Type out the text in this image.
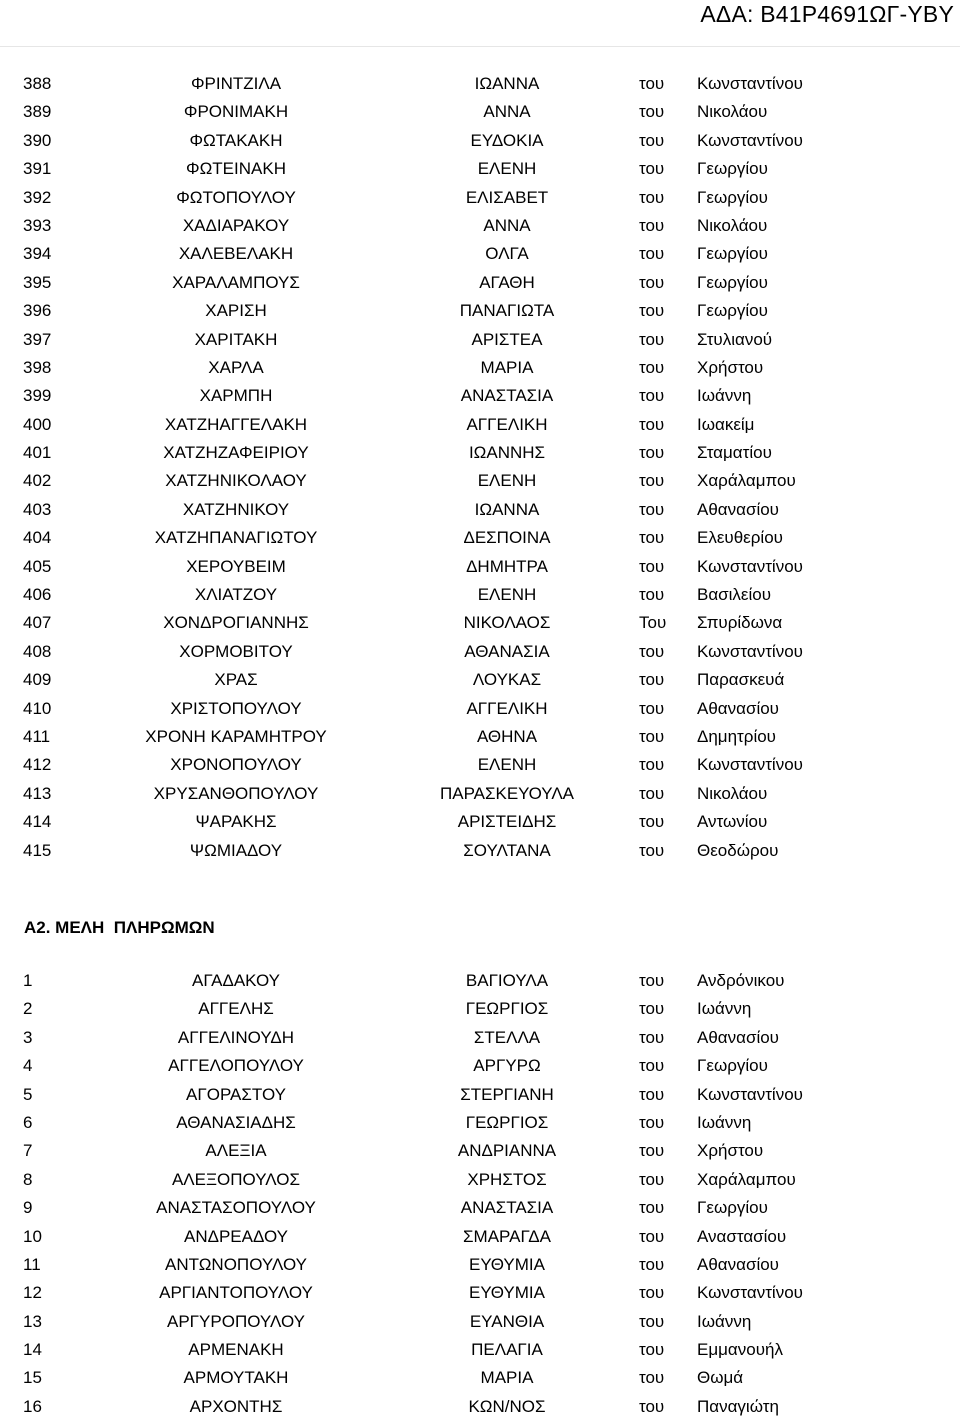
ΑΔΑ: Β41Ρ4691ΩΓ-ΥΒΥ
388	ΦΡΙΝΤΖΙΛΑ	ΙΩΑΝΝΑ	του Κωνσταντίνου
389	ΦΡΟΝΙΜΑΚΗ	ΑΝΝΑ	του Νικολάου
390	ΦΩΤΑΚΑΚΗ	ΕΥΔΟΚΙΑ	του Κωνσταντίνου
391	ΦΩΤΕΙΝΑΚΗ	ΕΛΕΝΗ	του Γεωργίου
392	ΦΩΤΟΠΟΥΛΟΥ	ΕΛΙΣΑΒΕΤ	του Γεωργίου
393	ΧΑΔΙΑΡΑΚΟΥ	ΑΝΝΑ	του Νικολάου
394	ΧΑΛΕΒΕΛΑΚΗ	ΟΛΓΑ	του Γεωργίου
395	ΧΑΡΑΛΑΜΠΟΥΣ	ΑΓΑΘΗ	του Γεωργίου
396	ΧΑΡΙΣΗ	ΠΑΝΑΓΙΩΤΑ	του Γεωργίου
397	ΧΑΡΙΤΑΚΗ	ΑΡΙΣΤΕΑ	του Στυλιανού
398	ΧΑΡΛΑ	ΜΑΡΙΑ	του Χρήστου
399	ΧΑΡΜΠΗ	ΑΝΑΣΤΑΣΙΑ	του Ιωάννη
400	ΧΑΤΖΗΑΓΓΕΛΑΚΗ	ΑΓΓΕΛΙΚΗ	του Ιωακείμ
401	ΧΑΤΖΗΖΑΦΕΙΡΙΟΥ	ΙΩΑΝΝΗΣ	του Σταματίου
402	ΧΑΤΖΗΝΙΚΟΛΑΟΥ	ΕΛΕΝΗ	του Χαράλαμπου
403	ΧΑΤΖΗΝΙΚΟΥ	ΙΩΑΝΝΑ	του Αθανασίου
404	ΧΑΤΖΗΠΑΝΑΓΙΩΤΟΥ	ΔΕΣΠΟΙΝΑ	του Ελευθερίου
405	ΧΕΡΟΥΒΕΙΜ	ΔΗΜΗΤΡΑ	του Κωνσταντίνου
406	ΧΛΙΑΤΖΟΥ	ΕΛΕΝΗ	του Βασιλείου
407	ΧΟΝΔΡΟΓΙΑΝΝΗΣ	ΝΙΚΟΛΑΟΣ	Του Σπυρίδωνα
408	ΧΟΡΜΟΒΙΤΟΥ	ΑΘΑΝΑΣΙΑ	του Κωνσταντίνου
409	ΧΡΑΣ	ΛΟΥΚΑΣ	του Παρασκευά
410	ΧΡΙΣΤΟΠΟΥΛΟΥ	ΑΓΓΕΛΙΚΗ	του Αθανασίου
411	ΧΡΟΝΗ ΚΑΡΑΜΗΤΡΟΥ	ΑΘΗΝΑ	του Δημητρίου
412	ΧΡΟΝΟΠΟΥΛΟΥ	ΕΛΕΝΗ	του Κωνσταντίνου
413	ΧΡΥΣΑΝΘΟΠΟΥΛΟΥ	ΠΑΡΑΣΚΕΥΟΥΛΑ	του Νικολάου
414	ΨΑΡΑΚΗΣ	ΑΡΙΣΤΕΙΔΗΣ	του Αντωνίου
415	ΨΩΜΙΑΔΟΥ	ΣΟΥΛΤΑΝΑ	του Θεοδώρου
Α2. ΜΕΛΗ  ΠΛΗΡΩΜΩΝ
1	ΑΓΑΔΑΚΟΥ	ΒΑΓΙΟΥΛΑ	του Ανδρόνικου
2	ΑΓΓΕΛΗΣ	ΓΕΩΡΓΙΟΣ	του Ιωάννη
3	ΑΓΓΕΛΙΝΟΥΔΗ	ΣΤΕΛΛΑ	του Αθανασίου
4	ΑΓΓΕΛΟΠΟΥΛΟΥ	ΑΡΓΥΡΩ	του Γεωργίου
5	ΑΓΟΡΑΣΤΟΥ	ΣΤΕΡΓΙΑΝΗ	του Κωνσταντίνου
6	ΑΘΑΝΑΣΙΑΔΗΣ	ΓΕΩΡΓΙΟΣ	του Ιωάννη
7	ΑΛΕΞΙΑ	ΑΝΔΡΙΑΝΝΑ	του Χρήστου
8	ΑΛΕΞΟΠΟΥΛΟΣ	ΧΡΗΣΤΟΣ	του Χαράλαμπου
9	ΑΝΑΣΤΑΣΟΠΟΥΛΟΥ	ΑΝΑΣΤΑΣΙΑ	του Γεωργίου
10	ΑΝΔΡΕΑΔΟΥ	ΣΜΑΡΑΓΔΑ	του Αναστασίου
11	ΑΝΤΩΝΟΠΟΥΛΟΥ	ΕΥΘΥΜΙΑ	του Αθανασίου
12	ΑΡΓΙΑΝΤΟΠΟΥΛΟΥ	ΕΥΘΥΜΙΑ	του Κωνσταντίνου
13	ΑΡΓΥΡΟΠΟΥΛΟΥ	ΕΥΑΝΘΙΑ	του Ιωάννη
14	ΑΡΜΕΝΑΚΗ	ΠΕΛΑΓΙΑ	του Εμμανουήλ
15	ΑΡΜΟΥΤΑΚΗ	ΜΑΡΙΑ	του Θωμά
16	ΑΡΧΟΝΤΗΣ	ΚΩΝ/ΝΟΣ	του Παναγιώτη
